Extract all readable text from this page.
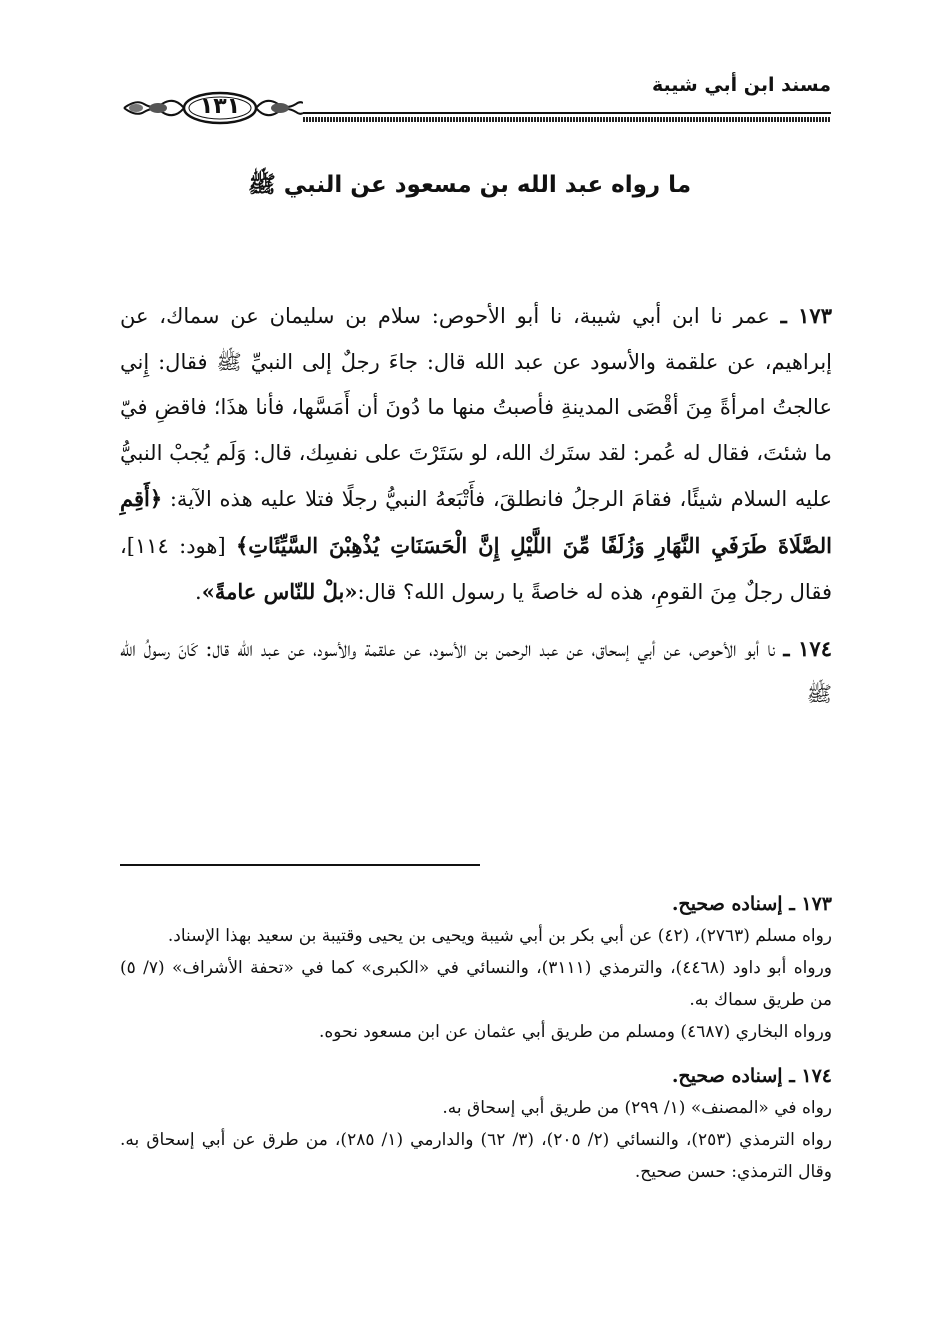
مسند ابن أبي شيبة
١٣١
ما رواه عبد الله بن مسعود عن النبي ﷺ

١٧٣ ـ عمر نا ابن أبي شيبة، نا أبو الأحوص: سلام بن سليمان عن سماك، عن إبراهيم، عن علقمة والأسود عن عبد الله قال: جاءَ رجلٌ إلى النبيِّ ﷺ فقال: إِني عالجتُ امرأةً مِنَ أقْصَى المدينةِ فأصبتُ منها ما دُونَ أن أَمَسَّها، فأنا هذَا؛ فاقضِ فيّ ما شئتَ، فقال له عُمر: لقد ستَرك الله، لو سَتَرْتَ على نفسِك، قال: وَلَم يُجبْ النبيُّ عليه السلام شيئًا، فقامَ الرجلُ فانطلقَ، فأَتْبَعهُ النبيُّ رجلًا فتلا عليه هذه الآية: ﴿أَقِمِ الصَّلَاةَ طَرَفَيِ النَّهَارِ وَزُلَفًا مِّنَ اللَّيْلِ إِنَّ الْحَسَنَاتِ يُذْهِبْنَ السَّيِّئَاتِ﴾ [هود: ١١٤]، فقال رجلٌ مِنَ القومِ، هذه له خاصةً يا رسول الله؟ قال:«بلْ للنّاس عامةً».

١٧٤ ـ نا أبو الأحوص، عن أبي إسحاق، عن عبد الرحمن بن الأسود، عن علقمة والأسود، عن عبد الله قال: كَانَ رسولُ الله ﷺ

١٧٣ ـ إسناده صحيح.

رواه مسلم (٢٧٦٣)، (٤٢) عن أبي بكر بن أبي شيبة ويحيى بن يحيى وقتيبة بن سعيد بهذا الإسناد.

ورواه أبو داود (٤٤٦٨)، والترمذي (٣١١١)، والنسائي في «الكبرى» كما في «تحفة الأشراف» (٧/ ٥) من طريق سماك به.

ورواه البخاري (٤٦٨٧) ومسلم من طريق أبي عثمان عن ابن مسعود نحوه.

١٧٤ ـ إسناده صحيح.

رواه في «المصنف» (١/ ٢٩٩) من طريق أبي إسحاق به.

رواه الترمذي (٢٥٣)، والنسائي (٢/ ٢٠٥)، (٣/ ٦٢) والدارمي (١/ ٢٨٥)، من طرق عن أبي إسحاق به. وقال الترمذي: حسن صحيح.
